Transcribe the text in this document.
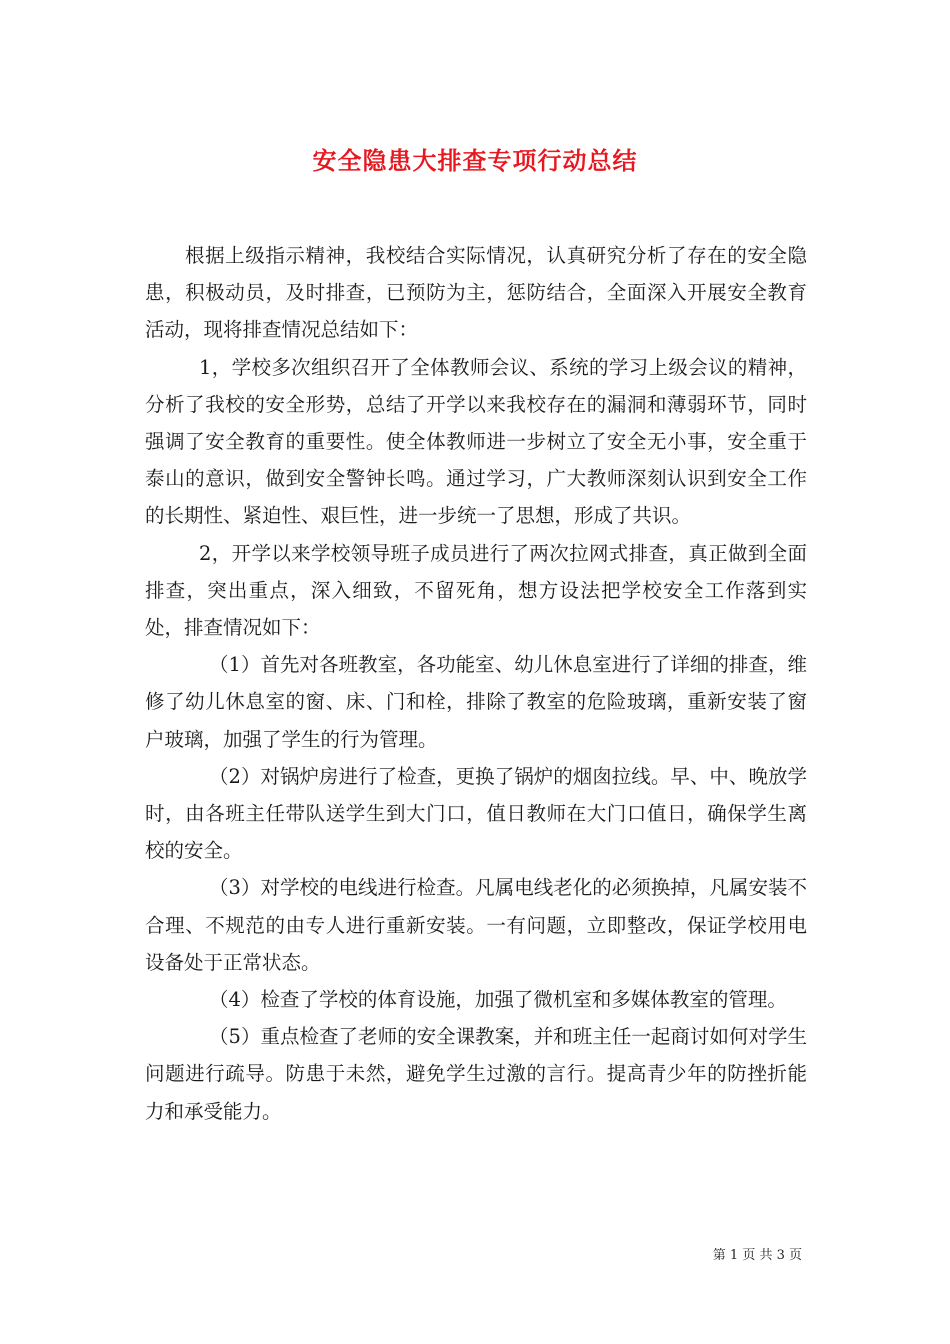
安全隐患大排查专项行动总结

根据上级指示精神，我校结合实际情况，认真研究分析了存在的安全隐患，积极动员，及时排查，已预防为主，惩防结合，全面深入开展安全教育活动，现将排查情况总结如下：

1，学校多次组织召开了全体教师会议、系统的学习上级会议的精神，分析了我校的安全形势，总结了开学以来我校存在的漏洞和薄弱环节，同时强调了安全教育的重要性。使全体教师进一步树立了安全无小事，安全重于泰山的意识，做到安全警钟长鸣。通过学习，广大教师深刻认识到安全工作的长期性、紧迫性、艰巨性，进一步统一了思想，形成了共识。

2，开学以来学校领导班子成员进行了两次拉网式排查，真正做到全面排查，突出重点，深入细致，不留死角，想方设法把学校安全工作落到实处，排查情况如下：

（1）首先对各班教室，各功能室、幼儿休息室进行了详细的排查，维修了幼儿休息室的窗、床、门和栓，排除了教室的危险玻璃，重新安装了窗户玻璃，加强了学生的行为管理。

（2）对锅炉房进行了检查，更换了锅炉的烟囱拉线。早、中、晚放学时，由各班主任带队送学生到大门口，值日教师在大门口值日，确保学生离校的安全。

（3）对学校的电线进行检查。凡属电线老化的必须换掉，凡属安装不合理、不规范的由专人进行重新安装。一有问题，立即整改，保证学校用电设备处于正常状态。

（4）检查了学校的体育设施，加强了微机室和多媒体教室的管理。

（5）重点检查了老师的安全课教案，并和班主任一起商讨如何对学生问题进行疏导。防患于未然，避免学生过激的言行。提高青少年的防挫折能力和承受能力。

第 1 页 共 3 页
